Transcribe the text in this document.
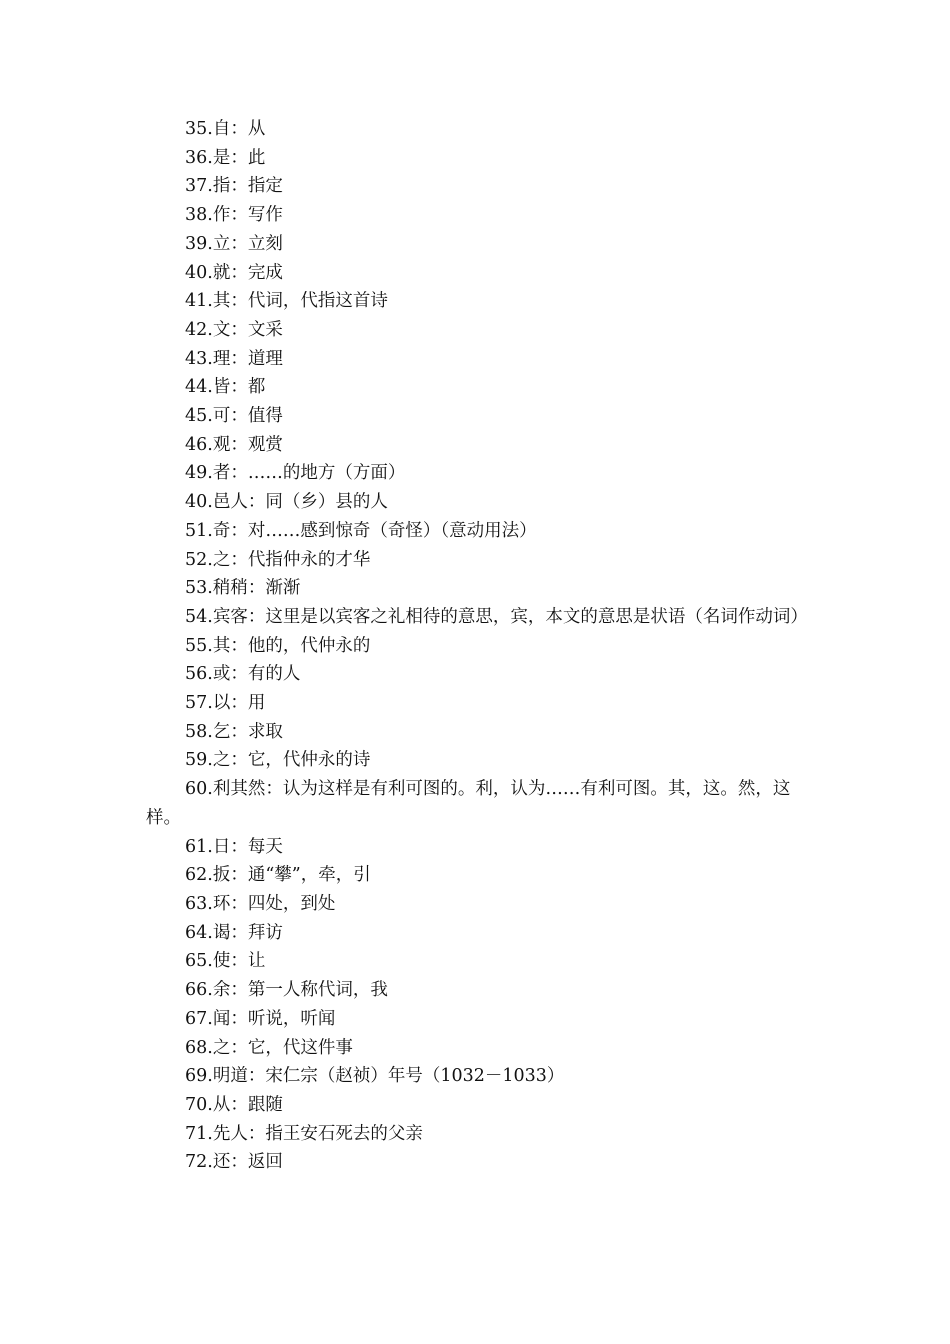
35.自：从

36.是：此

37.指：指定

38.作：写作

39.立：立刻

40.就：完成

41.其：代词，代指这首诗

42.文：文采

43.理：道理

44.皆：都

45.可：值得

46.观：观赏

49.者：……的地方（方面）

40.邑人：同（乡）县的人

51.奇：对……感到惊奇（奇怪）（意动用法）

52.之：代指仲永的才华

53.稍稍：渐渐

54.宾客：这里是以宾客之礼相待的意思，宾，本文的意思是状语（名词作动词）

55.其：他的，代仲永的

56.或：有的人

57.以：用

58.乞：求取

59.之：它，代仲永的诗

60.利其然：认为这样是有利可图的。利，认为……有利可图。其，这。然，这样。

61.日：每天

62.扳：通“攀”，牵，引

63.环：四处，到处

64.谒：拜访

65.使：让

66.余：第一人称代词，我

67.闻：听说，听闻

68.之：它，代这件事

69.明道：宋仁宗（赵祯）年号（1032－1033）

70.从：跟随

71.先人：指王安石死去的父亲

72.还：返回
